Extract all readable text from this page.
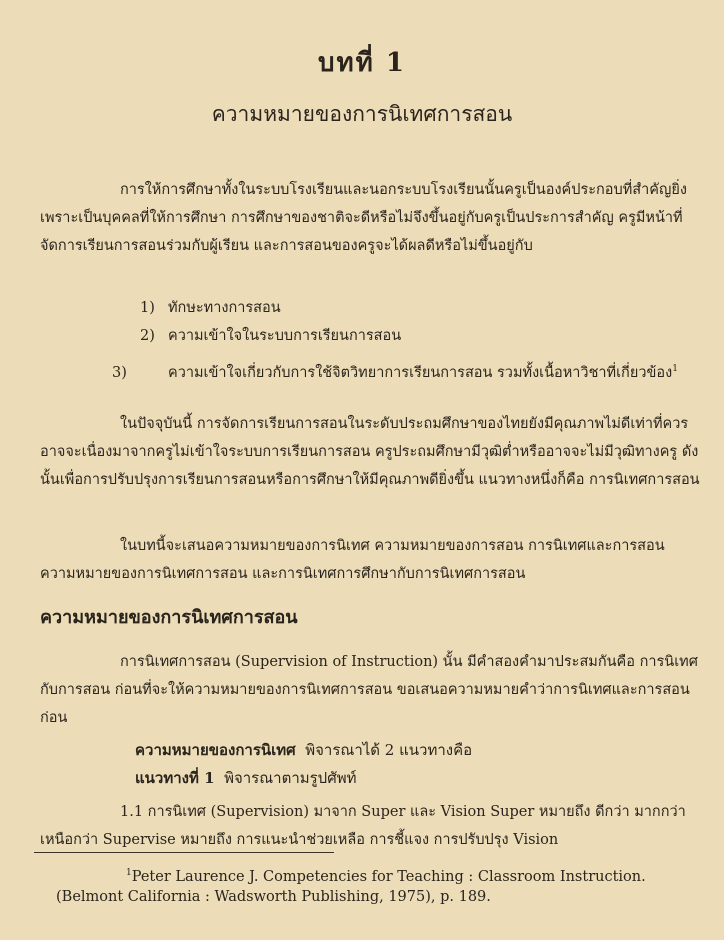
บทที่ 1
ความหมายของการนิเทศการสอน

การให้การศึกษาทั้งในระบบโรงเรียนและนอกระบบโรงเรียนนั้นครูเป็นองค์ประกอบที่สำคัญยิ่ง เพราะเป็นบุคคลที่ให้การศึกษา การศึกษาของชาติจะดีหรือไม่จึงขึ้นอยู่กับครูเป็นประการสำคัญ ครูมีหน้าที่จัดการเรียนการสอนร่วมกับผู้เรียน และการสอนของครูจะได้ผลดีหรือไม่ขึ้นอยู่กับ

1) ทักษะทางการสอน
2) ความเข้าใจในระบบการเรียนการสอน
3)	ความเข้าใจเกี่ยวกับการใช้จิตวิทยาการเรียนการสอน รวมทั้งเนื้อหาวิชาที่เกี่ยวข้อง$^1$

ในปัจจุบันนี้ การจัดการเรียนการสอนในระดับประถมศึกษาของไทยยังมีคุณภาพไม่ดีเท่าที่ควร อาจจะเนื่องมาจากครูไม่เข้าใจระบบการเรียนการสอน ครูประถมศึกษามีวุฒิต่ำหรืออาจจะไม่มีวุฒิทางครู ดังนั้นเพื่อการปรับปรุงการเรียนการสอนหรือการศึกษาให้มีคุณภาพดียิ่งขึ้น แนวทางหนึ่งก็คือ การนิเทศการสอน

ในบทนี้จะเสนอความหมายของการนิเทศ ความหมายของการสอน การนิเทศและการสอน ความหมายของการนิเทศการสอน และการนิเทศการศึกษากับการนิเทศการสอน

ความหมายของการนิเทศการสอน

การนิเทศการสอน (Supervision of Instruction) นั้น มีคำสองคำมาประสมกันคือ การนิเทศกับการสอน ก่อนที่จะให้ความหมายของการนิเทศการสอน ขอเสนอความหมายคำว่าการนิเทศและการสอนก่อน

ความหมายของการนิเทศ พิจารณาได้ 2 แนวทางคือ
แนวทางที่ 1 พิจารณาตามรูปศัพท์

1.1 การนิเทศ (Supervision) มาจาก Super และ Vision Super หมายถึง ดีกว่า มากกว่า เหนือกว่า Supervise หมายถึง การแนะนำช่วยเหลือ การชี้แจง การปรับปรุง Vision

$^1$Peter Laurence J. Competencies for Teaching : Classroom Instruction.
(Belmont California : Wadsworth Publishing, 1975), p. 189.
